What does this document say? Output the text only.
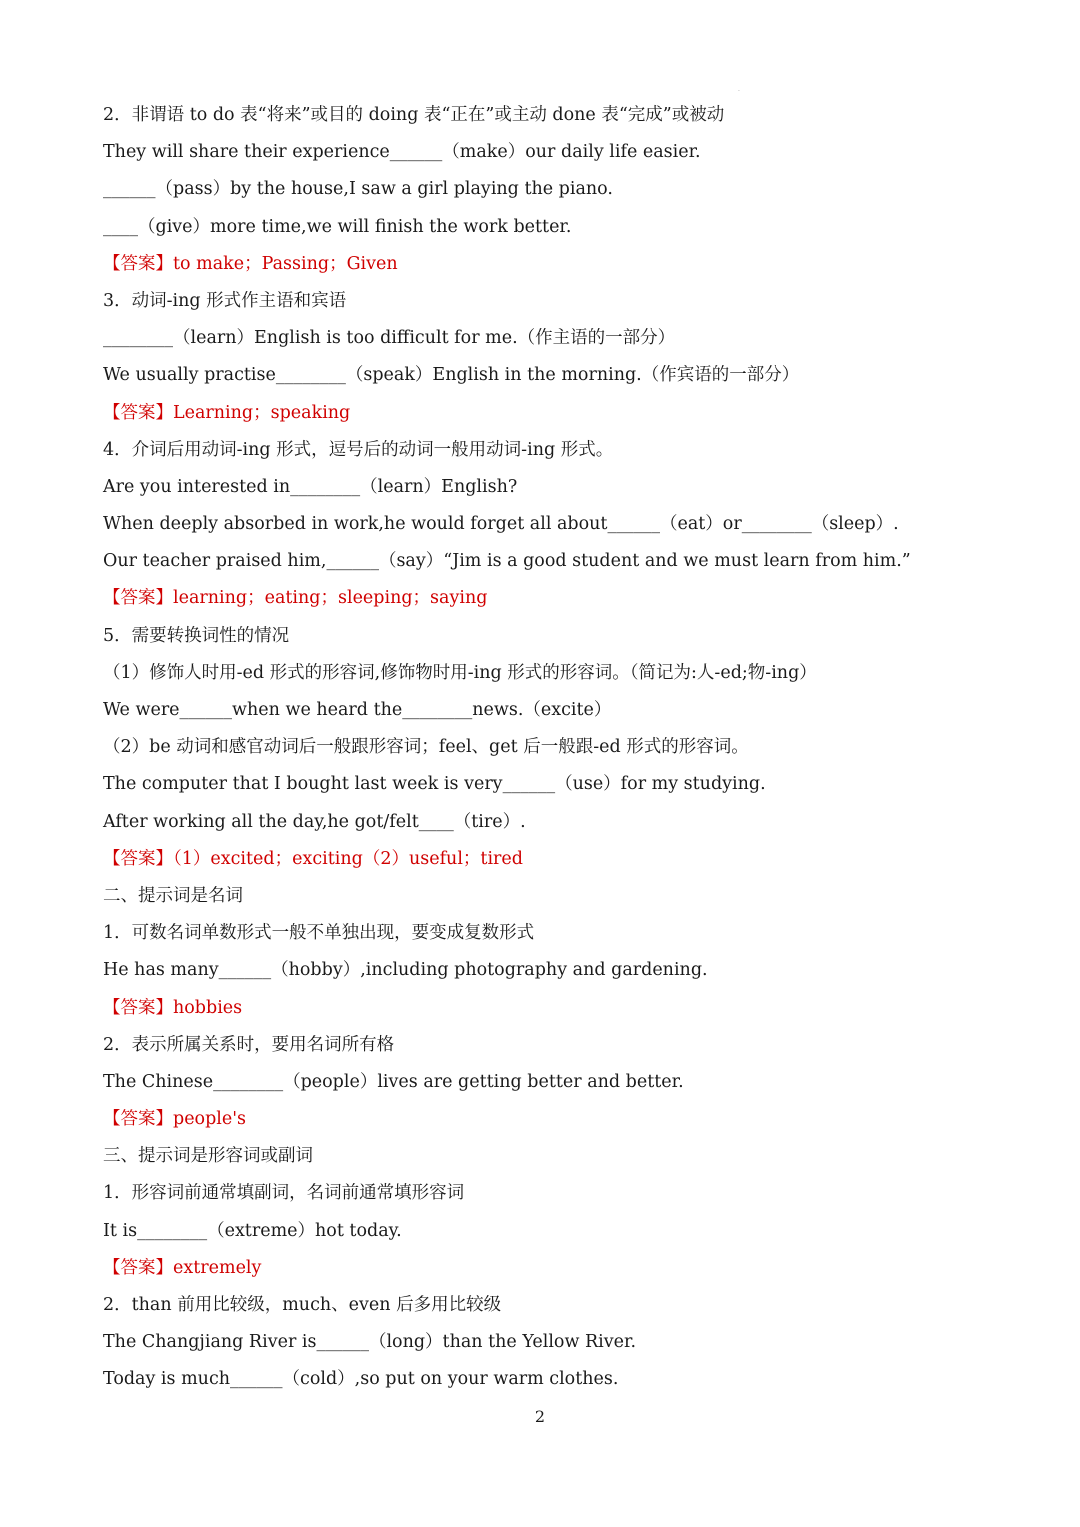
·
2．非谓语 to do 表“将来”或目的 doing 表“正在”或主动 done 表“完成”或被动
They will share their experience______（make）our daily life easier.
______（pass）by the house,I saw a girl playing the piano.
____（give）more time,we will finish the work better.
【答案】to make；Passing；Given
3．动词-ing 形式作主语和宾语
________（learn）English is too difficult for me.（作主语的一部分）
We usually practise________（speak）English in the morning.（作宾语的一部分）
【答案】Learning；speaking
4．介词后用动词-ing 形式，逗号后的动词一般用动词-ing 形式。
Are you interested in________（learn）English?
When deeply absorbed in work,he would forget all about______（eat）or________（sleep）.
Our teacher praised him,______（say）“Jim is a good student and we must learn from him.”
【答案】learning；eating；sleeping；saying
5．需要转换词性的情况
（1）修饰人时用-ed 形式的形容词,修饰物时用-ing 形式的形容词。（简记为:人-ed;物-ing）
We were______when we heard the________news.（excite）
（2）be 动词和感官动词后一般跟形容词；feel、get 后一般跟-ed 形式的形容词。
The computer that I bought last week is very______（use）for my studying.
After working all the day,he got/felt____（tire）.
【答案】（1）excited；exciting（2）useful；tired
二、提示词是名词
1．可数名词单数形式一般不单独出现，要变成复数形式
He has many______（hobby）,including photography and gardening.
【答案】hobbies
2．表示所属关系时，要用名词所有格
The Chinese________（people）lives are getting better and better.
【答案】people's
三、提示词是形容词或副词
1．形容词前通常填副词，名词前通常填形容词
It is________（extreme）hot today.
【答案】extremely
2．than 前用比较级，much、even 后多用比较级
The Changjiang River is______（long）than the Yellow River.
Today is much______（cold）,so put on your warm clothes.
2
